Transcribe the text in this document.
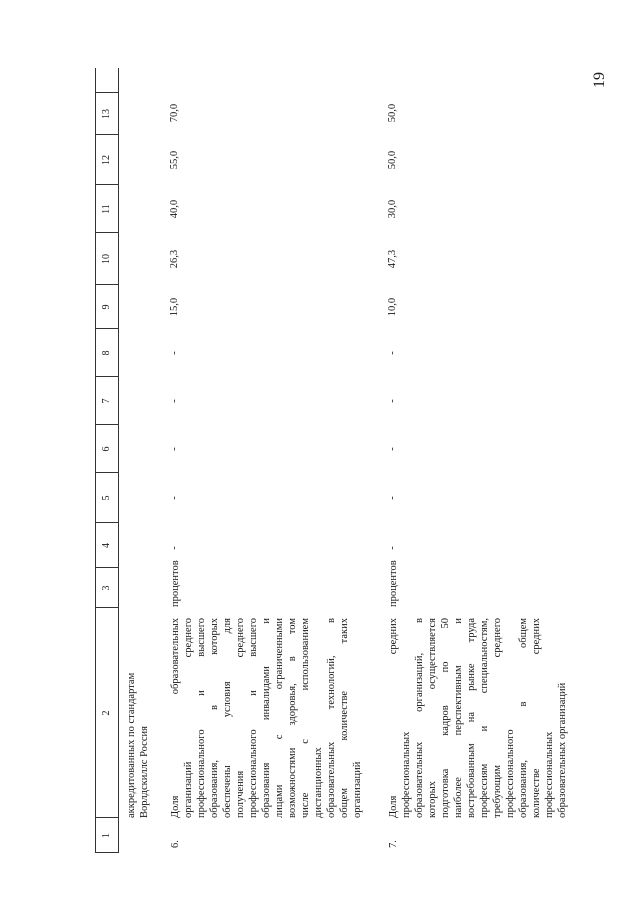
19
1
2
3
4
5
6
7
8
9
10
11
12
13
аккредитованных по стандартам Ворлдскиллс Россия
6.
Доля образовательных организаций среднего профессионального и высшего образования, в которых обеспечены условия для получения среднего профессионального и высшего образования инвалидами и лицами с ограниченными возможностями здоровья, в том числе с использованием дистанционных образовательных технологий, в общем количестве таких организаций
процентов
-
-
-
-
-
15,0
26,3
40,0
55,0
70,0
7.
Доля средних профессиональных образовательных организаций, в которых осуществляется подготовка кадров по 50 наиболее перспективным и востребованным на рынке труда профессиям и специальностям, требующим среднего профессионального образования, в общем количестве средних профессиональных образовательных организаций
процентов
-
-
-
-
-
10,0
47,3
30,0
50,0
50,0
